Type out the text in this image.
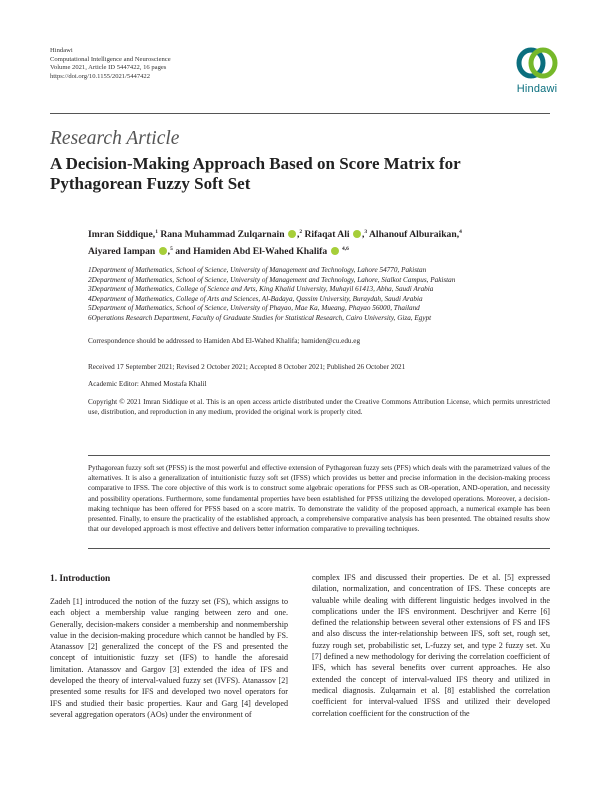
Hindawi
Computational Intelligence and Neuroscience
Volume 2021, Article ID 5447422, 16 pages
https://doi.org/10.1155/2021/5447422
Hindawi
Research Article
A Decision-Making Approach Based on Score Matrix for Pythagorean Fuzzy Soft Set
Imran Siddique,$^1$ Rana Muhammad Zulqarnain ,$^2$ Rifaqat Ali ,$^3$ Alhanouf Alburaikan,$^4$
Aiyared Iampan ,$^5$ and Hamiden Abd El-Wahed Khalifa  $^{4,6}$
1Department of Mathematics, School of Science, University of Management and Technology, Lahore 54770, Pakistan
2Department of Mathematics, School of Science, University of Management and Technology, Lahore, Sialkot Campus, Pakistan
3Department of Mathematics, College of Science and Arts, King Khalid University, Muhayil 61413, Abha, Saudi Arabia
4Department of Mathematics, College of Arts and Sciences, Al-Badaya, Qassim University, Buraydah, Saudi Arabia
5Department of Mathematics, School of Science, University of Phayao, Mae Ka, Mueang, Phayao 56000, Thailand
6Operations Research Department, Faculty of Graduate Studies for Statistical Research, Cairo University, Giza, Egypt
Correspondence should be addressed to Hamiden Abd El-Wahed Khalifa; hamiden@cu.edu.eg
Received 17 September 2021; Revised 2 October 2021; Accepted 8 October 2021; Published 26 October 2021
Academic Editor: Ahmed Mostafa Khalil
Copyright © 2021 Imran Siddique et al. This is an open access article distributed under the Creative Commons Attribution License, which permits unrestricted use, distribution, and reproduction in any medium, provided the original work is properly cited.
Pythagorean fuzzy soft set (PFSS) is the most powerful and effective extension of Pythagorean fuzzy sets (PFS) which deals with the parametrized values of the alternatives. It is also a generalization of intuitionistic fuzzy soft set (IFSS) which provides us better and precise information in the decision-making process comparative to IFSS. The core objective of this work is to construct some algebraic operations for PFSS such as OR-operation, AND-operation, and necessity and possibility operations. Furthermore, some fundamental properties have been established for PFSS utilizing the developed operations. Moreover, a decision-making technique has been offered for PFSS based on a score matrix. To demonstrate the validity of the proposed approach, a numerical example has been presented. Finally, to ensure the practicality of the established approach, a comprehensive comparative analysis has been presented. The obtained results show that our developed approach is most effective and delivers better information comparative to prevailing techniques.
1. Introduction
Zadeh [1] introduced the notion of the fuzzy set (FS), which assigns to each object a membership value ranging between zero and one. Generally, decision-makers consider a membership and nonmembership value in the decision-making procedure which cannot be handled by FS. Atanassov [2] generalized the concept of the FS and presented the concept of intuitionistic fuzzy set (IFS) to handle the aforesaid limitation. Atanassov and Gargov [3] extended the idea of IFS and developed the theory of interval-valued fuzzy set (IVFS). Atanassov [2] presented some results for IFS and developed two novel operators for IFS and studied their basic properties. Kaur and Garg [4] developed several aggregation operators (AOs) under the environment of
complex IFS and discussed their properties. De et al. [5] expressed dilation, normalization, and concentration of IFS. These concepts are valuable while dealing with different linguistic hedges involved in the complications under the IFS environment. Deschrijver and Kerre [6] defined the relationship between several other extensions of FS and IFS and also discuss the inter-relationship between IFS, soft set, rough set, fuzzy rough set, probabilistic set, L-fuzzy set, and type 2 fuzzy set. Xu [7] defined a new methodology for deriving the correlation coefficient of IFS, which has several benefits over current approaches. He also extended the concept of interval-valued IFS theory and utilized in medical diagnosis. Zulqarnain et al. [8] established the correlation coefficient for interval-valued IFSS and utilized their developed correlation coefficient for the construction of the
